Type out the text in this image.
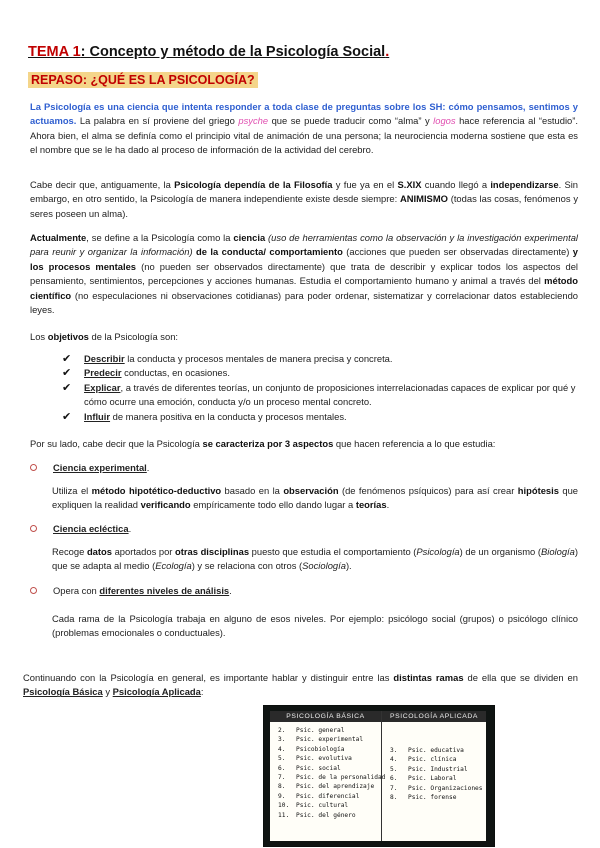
TEMA 1: Concepto y método de la Psicología Social.
REPASO: ¿QUÉ ES LA PSICOLOGÍA?
La Psicología es una ciencia que intenta responder a toda clase de preguntas sobre los SH: cómo pensamos, sentimos y actuamos. La palabra en sí proviene del griego psyche que se puede traducir como “alma” y logos hace referencia al “estudio”. Ahora bien, el alma se definía como el principio vital de animación de una persona; la neurociencia moderna sostiene que esta es el nombre que se le ha dado al proceso de información de la actividad del cerebro.
Cabe decir que, antiguamente, la Psicología dependía de la Filosofía y fue ya en el S.XIX cuando llegó a independizarse. Sin embargo, en otro sentido, la Psicología de manera independiente existe desde siempre: ANIMISMO (todas las cosas, fenómenos y seres poseen un alma).
Actualmente, se define a la Psicología como la ciencia (uso de herramientas como la observación y la investigación experimental para reunir y organizar la información) de la conducta/ comportamiento (acciones que pueden ser observadas directamente) y los procesos mentales (no pueden ser observados directamente) que trata de describir y explicar todos los aspectos del pensamiento, sentimientos, percepciones y acciones humanas. Estudia el comportamiento humano y animal a través del método científico (no especulaciones ni observaciones cotidianas) para poder ordenar, sistematizar y correlacionar datos estableciendo leyes.
Los objetivos de la Psicología son:
✔ Describir la conducta y procesos mentales de manera precisa y concreta.
✔ Predecir conductas, en ocasiones.
✔ Explicar, a través de diferentes teorías, un conjunto de proposiciones interrelacionadas capaces de explicar por qué y cómo ocurre una emoción, conducta y/o un proceso mental concreto.
✔ Influir de manera positiva en la conducta y procesos mentales.
Por su lado, cabe decir que la Psicología se caracteriza por 3 aspectos que hacen referencia a lo que estudia:
Ciencia experimental.
Utiliza el método hipotético-deductivo basado en la observación (de fenómenos psíquicos) para así crear hipótesis que expliquen la realidad verificando empíricamente todo ello dando lugar a teorías.
Ciencia ecléctica.
Recoge datos aportados por otras disciplinas puesto que estudia el comportamiento (Psicología) de un organismo (Biología) que se adapta al medio (Ecología) y se relaciona con otros (Sociología).
Opera con diferentes niveles de análisis.
Cada rama de la Psicología trabaja en alguno de esos niveles. Por ejemplo: psicólogo social (grupos) o psicólogo clínico (problemas emocionales o conductuales).
Continuando con la Psicología en general, es importante hablar y distinguir entre las distintas ramas de ella que se dividen en Psicología Básica y Psicología Aplicada:
PSICOLOGÍA BÁSICA
2. Psic. general
3. Psic. experimental
4. Psicobiología
5. Psic. evolutiva
6. Psic. social
7. Psic. de la personalidad
8. Psic. del aprendizaje
9. Psic. diferencial
10. Psic. cultural
11. Psic. del género
PSICOLOGÍA APLICADA
3. Psic. educativa
4. Psic. clínica
5. Psic. Industrial
6. Psic. Laboral
7. Psic. Organizaciones
8. Psic. forense
